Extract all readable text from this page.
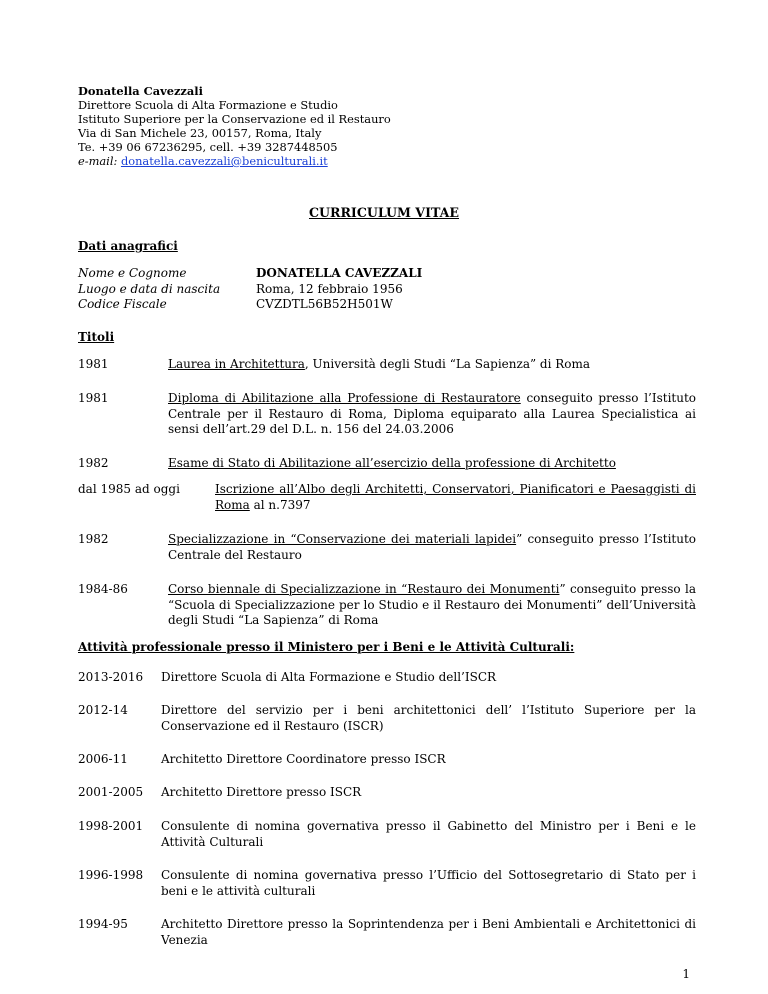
Donatella Cavezzali
Direttore Scuola di Alta Formazione e Studio
Istituto Superiore per la Conservazione ed il Restauro
Via di San Michele 23, 00157, Roma, Italy
Te. +39 06 67236295, cell. +39 3287448505
e-mail: donatella.cavezzali@beniculturali.it
CURRICULUM VITAE
Dati anagrafici
Nome e Cognome	DONATELLA CAVEZZALI
Luogo e data di nascita	Roma, 12 febbraio 1956
Codice Fiscale	CVZDTL56B52H501W
Titoli
1981	Laurea in Architettura, Università degli Studi “La Sapienza” di Roma
1981	Diploma di Abilitazione alla Professione di Restauratore conseguito presso l’Istituto Centrale per il Restauro di Roma, Diploma equiparato alla Laurea Specialistica ai sensi dell’art.29 del D.L. n. 156 del 24.03.2006
1982	Esame di Stato di Abilitazione all’esercizio della professione di Architetto
dal 1985 ad oggi	Iscrizione all’Albo degli Architetti, Conservatori, Pianificatori e Paesaggisti di Roma al n.7397
1982	Specializzazione in “Conservazione dei materiali lapidei” conseguito presso l’Istituto Centrale del Restauro
1984-86	Corso biennale di Specializzazione in “Restauro dei Monumenti” conseguito presso la “Scuola di Specializzazione per lo Studio e il Restauro dei Monumenti” dell’Università degli Studi “La Sapienza” di Roma
Attività professionale presso il Ministero per i Beni e le Attività Culturali:
2013-2016 Direttore Scuola di Alta Formazione e Studio dell’ISCR
2012-14	Direttore del servizio per i beni architettonici dell’ l’Istituto Superiore per la Conservazione ed il Restauro (ISCR)
2006-11	Architetto Direttore Coordinatore presso ISCR
2001-2005 Architetto Direttore presso ISCR
1998-2001 Consulente di nomina governativa presso il Gabinetto del Ministro per i Beni e le Attività Culturali
1996-1998 Consulente di nomina governativa presso l’Ufficio del Sottosegretario di Stato per i beni e le attività culturali
1994-95	Architetto Direttore presso la Soprintendenza per i Beni Ambientali e Architettonici di Venezia
1
